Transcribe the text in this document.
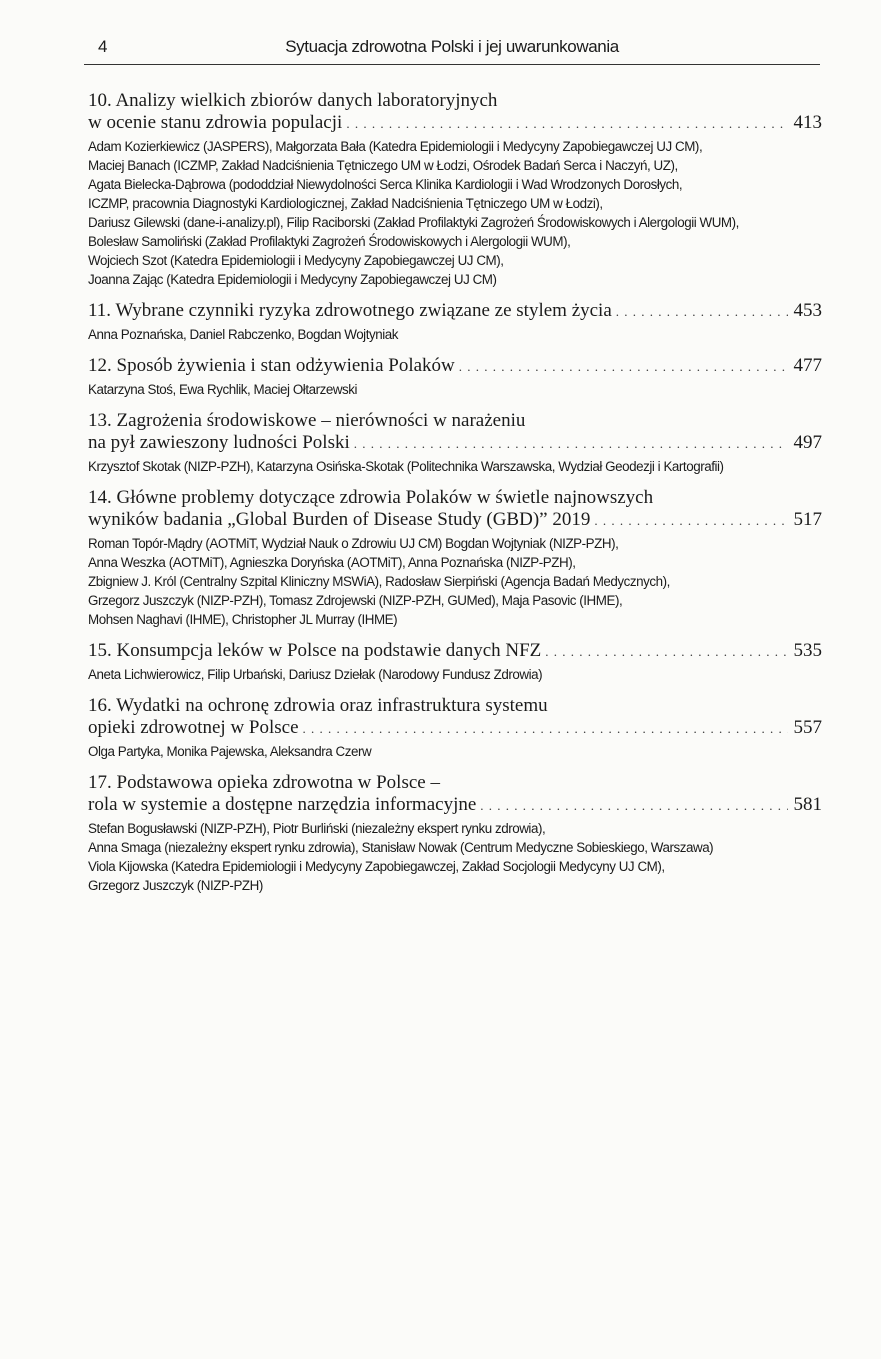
4	Sytuacja zdrowotna Polski i jej uwarunkowania
10. Analizy wielkich zbiorów danych laboratoryjnych
w ocenie stanu zdrowia populacji . . .	413
Adam Kozierkiewicz (JASPERS), Małgorzata Bała (Katedra Epidemiologii i Medycyny Zapobiegawczej UJ CM),
Maciej Banach (ICZMP, Zakład Nadciśnienia Tętniczego UM w Łodzi, Ośrodek Badań Serca i Naczyń, UZ),
Agata Bielecka-Dąbrowa (pododdział Niewydolności Serca Klinika Kardiologii i Wad Wrodzonych Dorosłych,
ICZMP, pracownia Diagnostyki Kardiologicznej, Zakład Nadciśnienia Tętniczego UM w Łodzi),
Dariusz Gilewski (dane-i-analizy.pl), Filip Raciborski (Zakład Profilaktyki Zagrożeń Środowiskowych i Alergologii WUM),
Bolesław Samoliński (Zakład Profilaktyki Zagrożeń Środowiskowych i Alergologii WUM),
Wojciech Szot (Katedra Epidemiologii i Medycyny Zapobiegawczej UJ CM),
Joanna Zając (Katedra Epidemiologii i Medycyny Zapobiegawczej UJ CM)
11. Wybrane czynniki ryzyka zdrowotnego związane ze stylem życia . . .	453
Anna Poznańska, Daniel Rabczenko, Bogdan Wojtyniak
12. Sposób żywienia i stan odżywienia Polaków . . .	477
Katarzyna Stoś, Ewa Rychlik, Maciej Ołtarzewski
13. Zagrożenia środowiskowe – nierówności w narażeniu
na pył zawieszony ludności Polski . . .	497
Krzysztof Skotak (NIZP-PZH), Katarzyna Osińska-Skotak (Politechnika Warszawska, Wydział Geodezji i Kartografii)
14. Główne problemy dotyczące zdrowia Polaków w świetle najnowszych
wyników badania „Global Burden of Disease Study (GBD)” 2019 . . .	517
Roman Topór-Mądry (AOTMiT, Wydział Nauk o Zdrowiu UJ CM) Bogdan Wojtyniak (NIZP-PZH),
Anna Weszka (AOTMiT), Agnieszka Doryńska (AOTMiT), Anna Poznańska (NIZP-PZH),
Zbigniew J. Król (Centralny Szpital Kliniczny MSWiA), Radosław Sierpiński (Agencja Badań Medycznych),
Grzegorz Juszczyk (NIZP-PZH), Tomasz Zdrojewski (NIZP-PZH, GUMed), Maja Pasovic (IHME),
Mohsen Naghavi (IHME), Christopher JL Murray (IHME)
15. Konsumpcja leków w Polsce na podstawie danych NFZ . . .	535
Aneta Lichwierowicz, Filip Urbański, Dariusz Dziełak (Narodowy Fundusz Zdrowia)
16. Wydatki na ochronę zdrowia oraz infrastruktura systemu
opieki zdrowotnej w Polsce . . .	557
Olga Partyka, Monika Pajewska, Aleksandra Czerw
17. Podstawowa opieka zdrowotna w Polsce –
rola w systemie a dostępne narzędzia informacyjne . . .	581
Stefan Bogusławski (NIZP-PZH), Piotr Burliński (niezależny ekspert rynku zdrowia),
Anna Smaga (niezależny ekspert rynku zdrowia), Stanisław Nowak (Centrum Medyczne Sobieskiego, Warszawa)
Viola Kijowska (Katedra Epidemiologii i Medycyny Zapobiegawczej, Zakład Socjologii Medycyny UJ CM),
Grzegorz Juszczyk (NIZP-PZH)
